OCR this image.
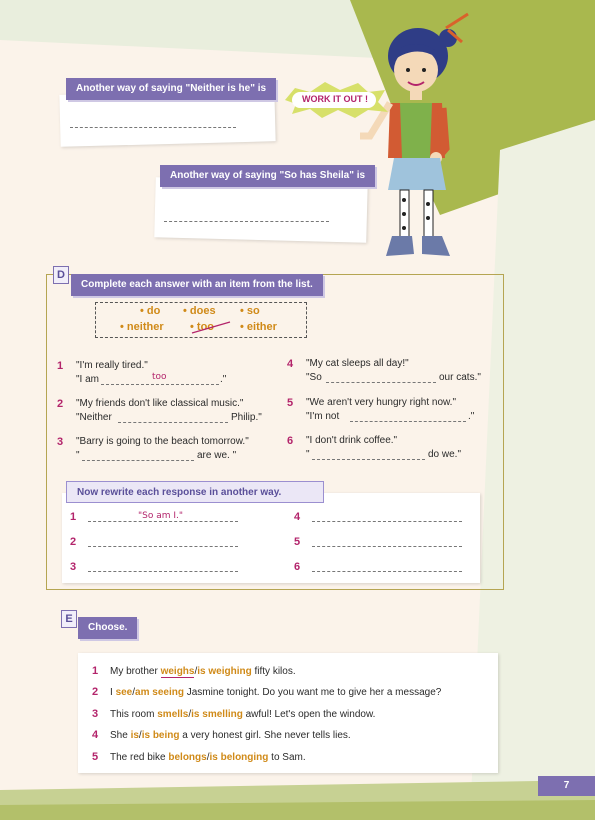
WORK IT OUT !
Another way of saying "Neither is he" is
Another way of saying "So has Sheila" is
D
Complete each answer with an item from the list.
• do • does • so
• neither • too • either
1 "I'm really tired."
"I am	too	."
2 "My friends don't like classical music."
"Neither	Philip."
3 "Barry is going to the beach tomorrow."
"	are we. "
4 "My cat sleeps all day!"
"So	our cats."
5 "We aren't very hungry right now."
"I'm not	."
6 "I don't drink coffee."
"	do we."
Now rewrite each response in another way.
1	"So am I."
2
3
4
5
6
E
Choose.
1 My brother weighs/is weighing fifty kilos.
2 I see/am seeing Jasmine tonight. Do you want me to give her a message?
3 This room smells/is smelling awful! Let's open the window.
4 She is/is being a very honest girl. She never tells lies.
5 The red bike belongs/is belonging to Sam.
7
